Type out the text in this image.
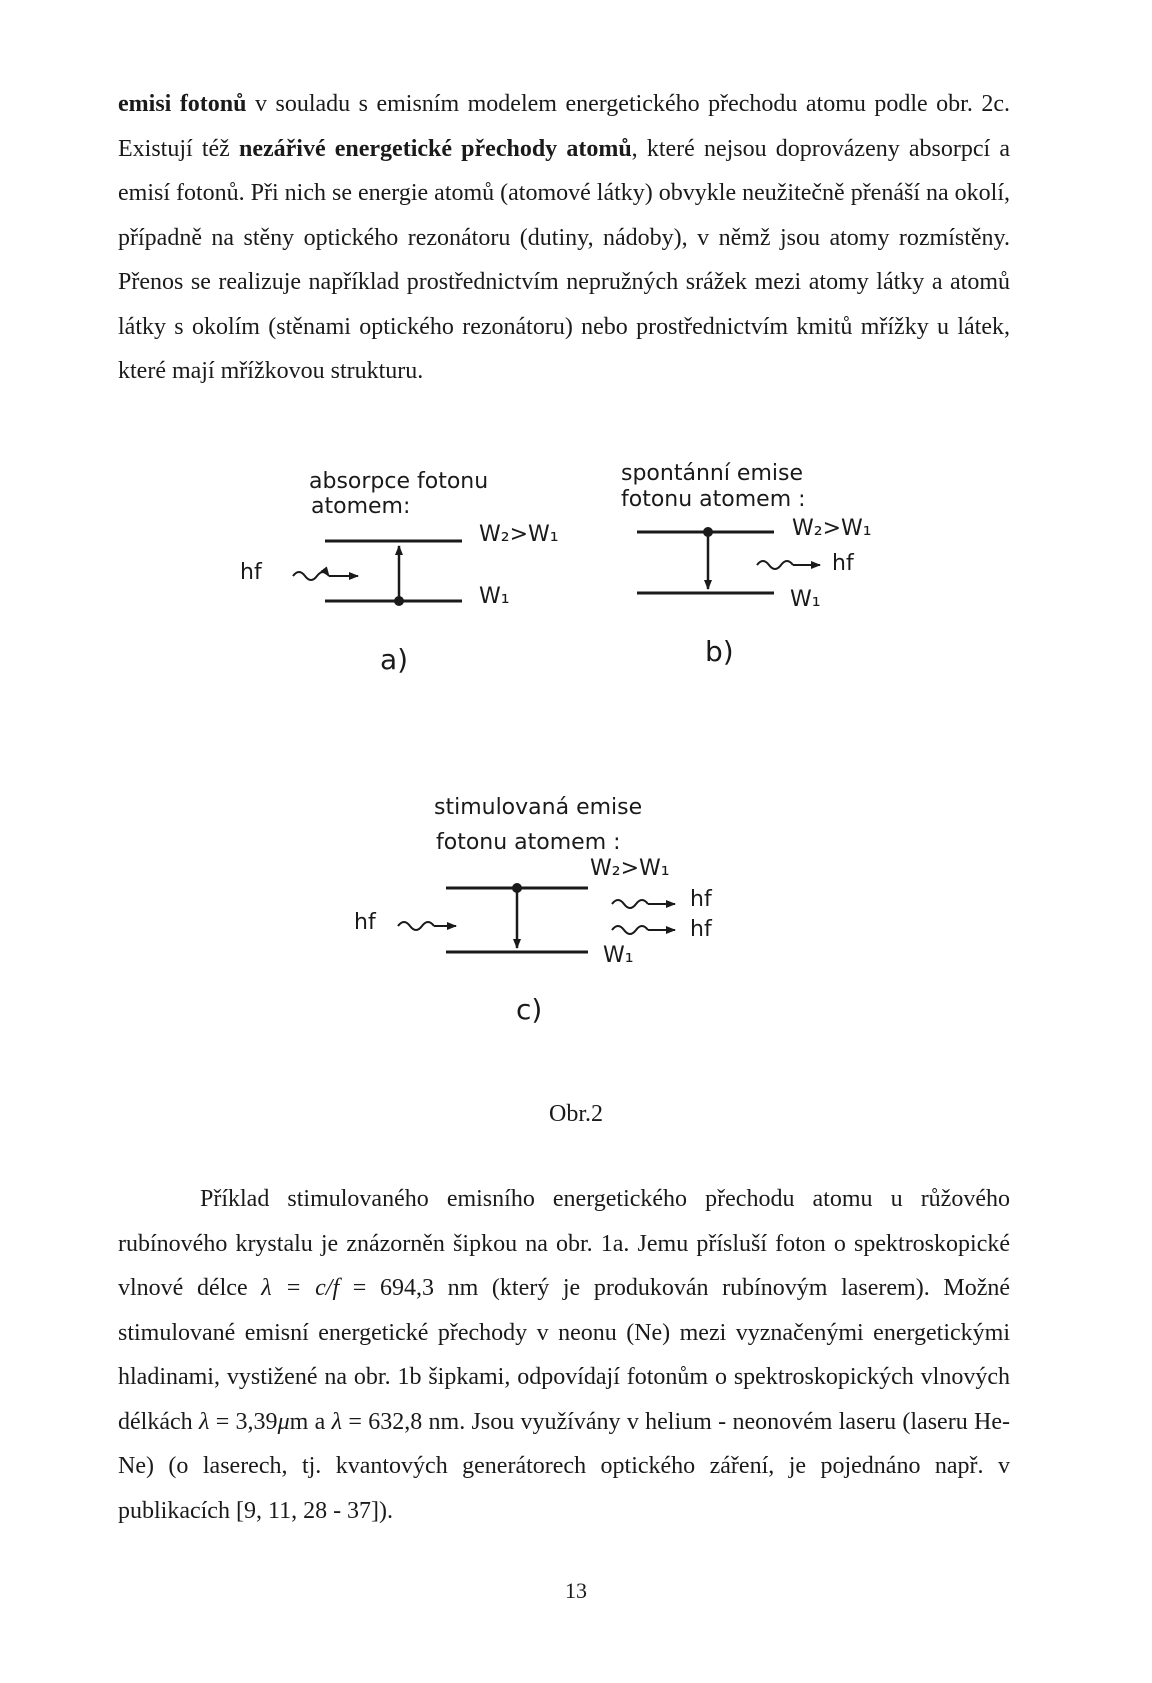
emisi fotonů v souladu s emisním modelem energetického přechodu atomu podle obr. 2c. Existují též nezářivé energetické přechody atomů, které nejsou doprovázeny absorpcí a emisí fotonů. Při nich se energie atomů (atomové látky) obvykle neužitečně přenáší na okolí, případně na stěny optického rezonátoru (dutiny, nádoby), v němž jsou atomy rozmístěny. Přenos se realizuje například prostřednictvím nepružných srážek mezi atomy látky a atomů látky s okolím (stěnami optického rezonátoru) nebo prostřednictvím kmitů mřížky u látek, které mají mřížkovou strukturu.

absorpce fotonu
atomem:
W₂>W₁
W₁
hf
a)
spontánní emise
fotonu atomem :
W₂>W₁
W₁
hf
b)
stimulovaná emise
fotonu atomem :
W₂>W₁
W₁
hf
hf
hf
c)
Obr.2

Příklad stimulovaného emisního energetického přechodu atomu u růžového rubínového krystalu je znázorněn šipkou na obr. 1a. Jemu přísluší foton o spektroskopické vlnové délce λ = c/f = 694,3 nm (který je produkován rubínovým laserem). Možné stimulované emisní energetické přechody v neonu (Ne) mezi vyznačenými energetickými hladinami, vystižené na obr. 1b šipkami, odpovídají fotonům o spektroskopických vlnových délkách λ = 3,39μm a λ = 632,8 nm. Jsou využívány v helium - neonovém laseru (laseru He-Ne) (o laserech, tj. kvantových generátorech optického záření, je pojednáno např. v publikacích [9, 11, 28 - 37]).

13
